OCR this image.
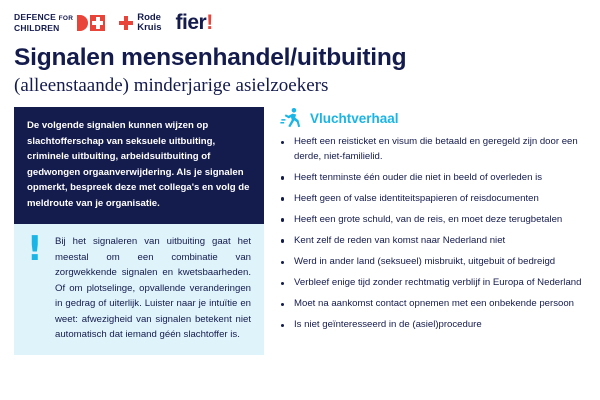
DEFENCE FOR
CHILDREN
Rode
Kruis fier!
Signalen mensenhandel/uitbuiting
(alleenstaande) minderjarige asielzoekers

De volgende signalen kunnen wijzen op slachtofferschap van seksuele uitbuiting, criminele uitbuiting, arbeidsuitbuiting of gedwongen orgaanverwijdering. Als je signalen opmerkt, bespreek deze met collega's en volg de meldroute van je organisatie.

! Bij het signaleren van uitbuiting gaat het meestal om een combinatie van zorgwekkende signalen en kwetsbaarheden. Of om plotselinge, opvallende veranderingen in gedrag of uiterlijk. Luister naar je intuïtie en weet: afwezigheid van signalen betekent niet automatisch dat iemand géén slachtoffer is.

Vluchtverhaal
Heeft een reisticket en visum die betaald en geregeld zijn door een derde, niet-familielid.
Heeft tenminste één ouder die niet in beeld of overleden is
Heeft geen of valse identiteitspapieren of reisdocumenten
Heeft een grote schuld, van de reis, en moet deze terugbetalen
Kent zelf de reden van komst naar Nederland niet
Werd in ander land (seksueel) misbruikt, uitgebuit of bedreigd
Verbleef enige tijd zonder rechtmatig verblijf in Europa of Nederland
Moet na aankomst contact opnemen met een onbekende persoon
Is niet geïnteresseerd in de (asiel)procedure
